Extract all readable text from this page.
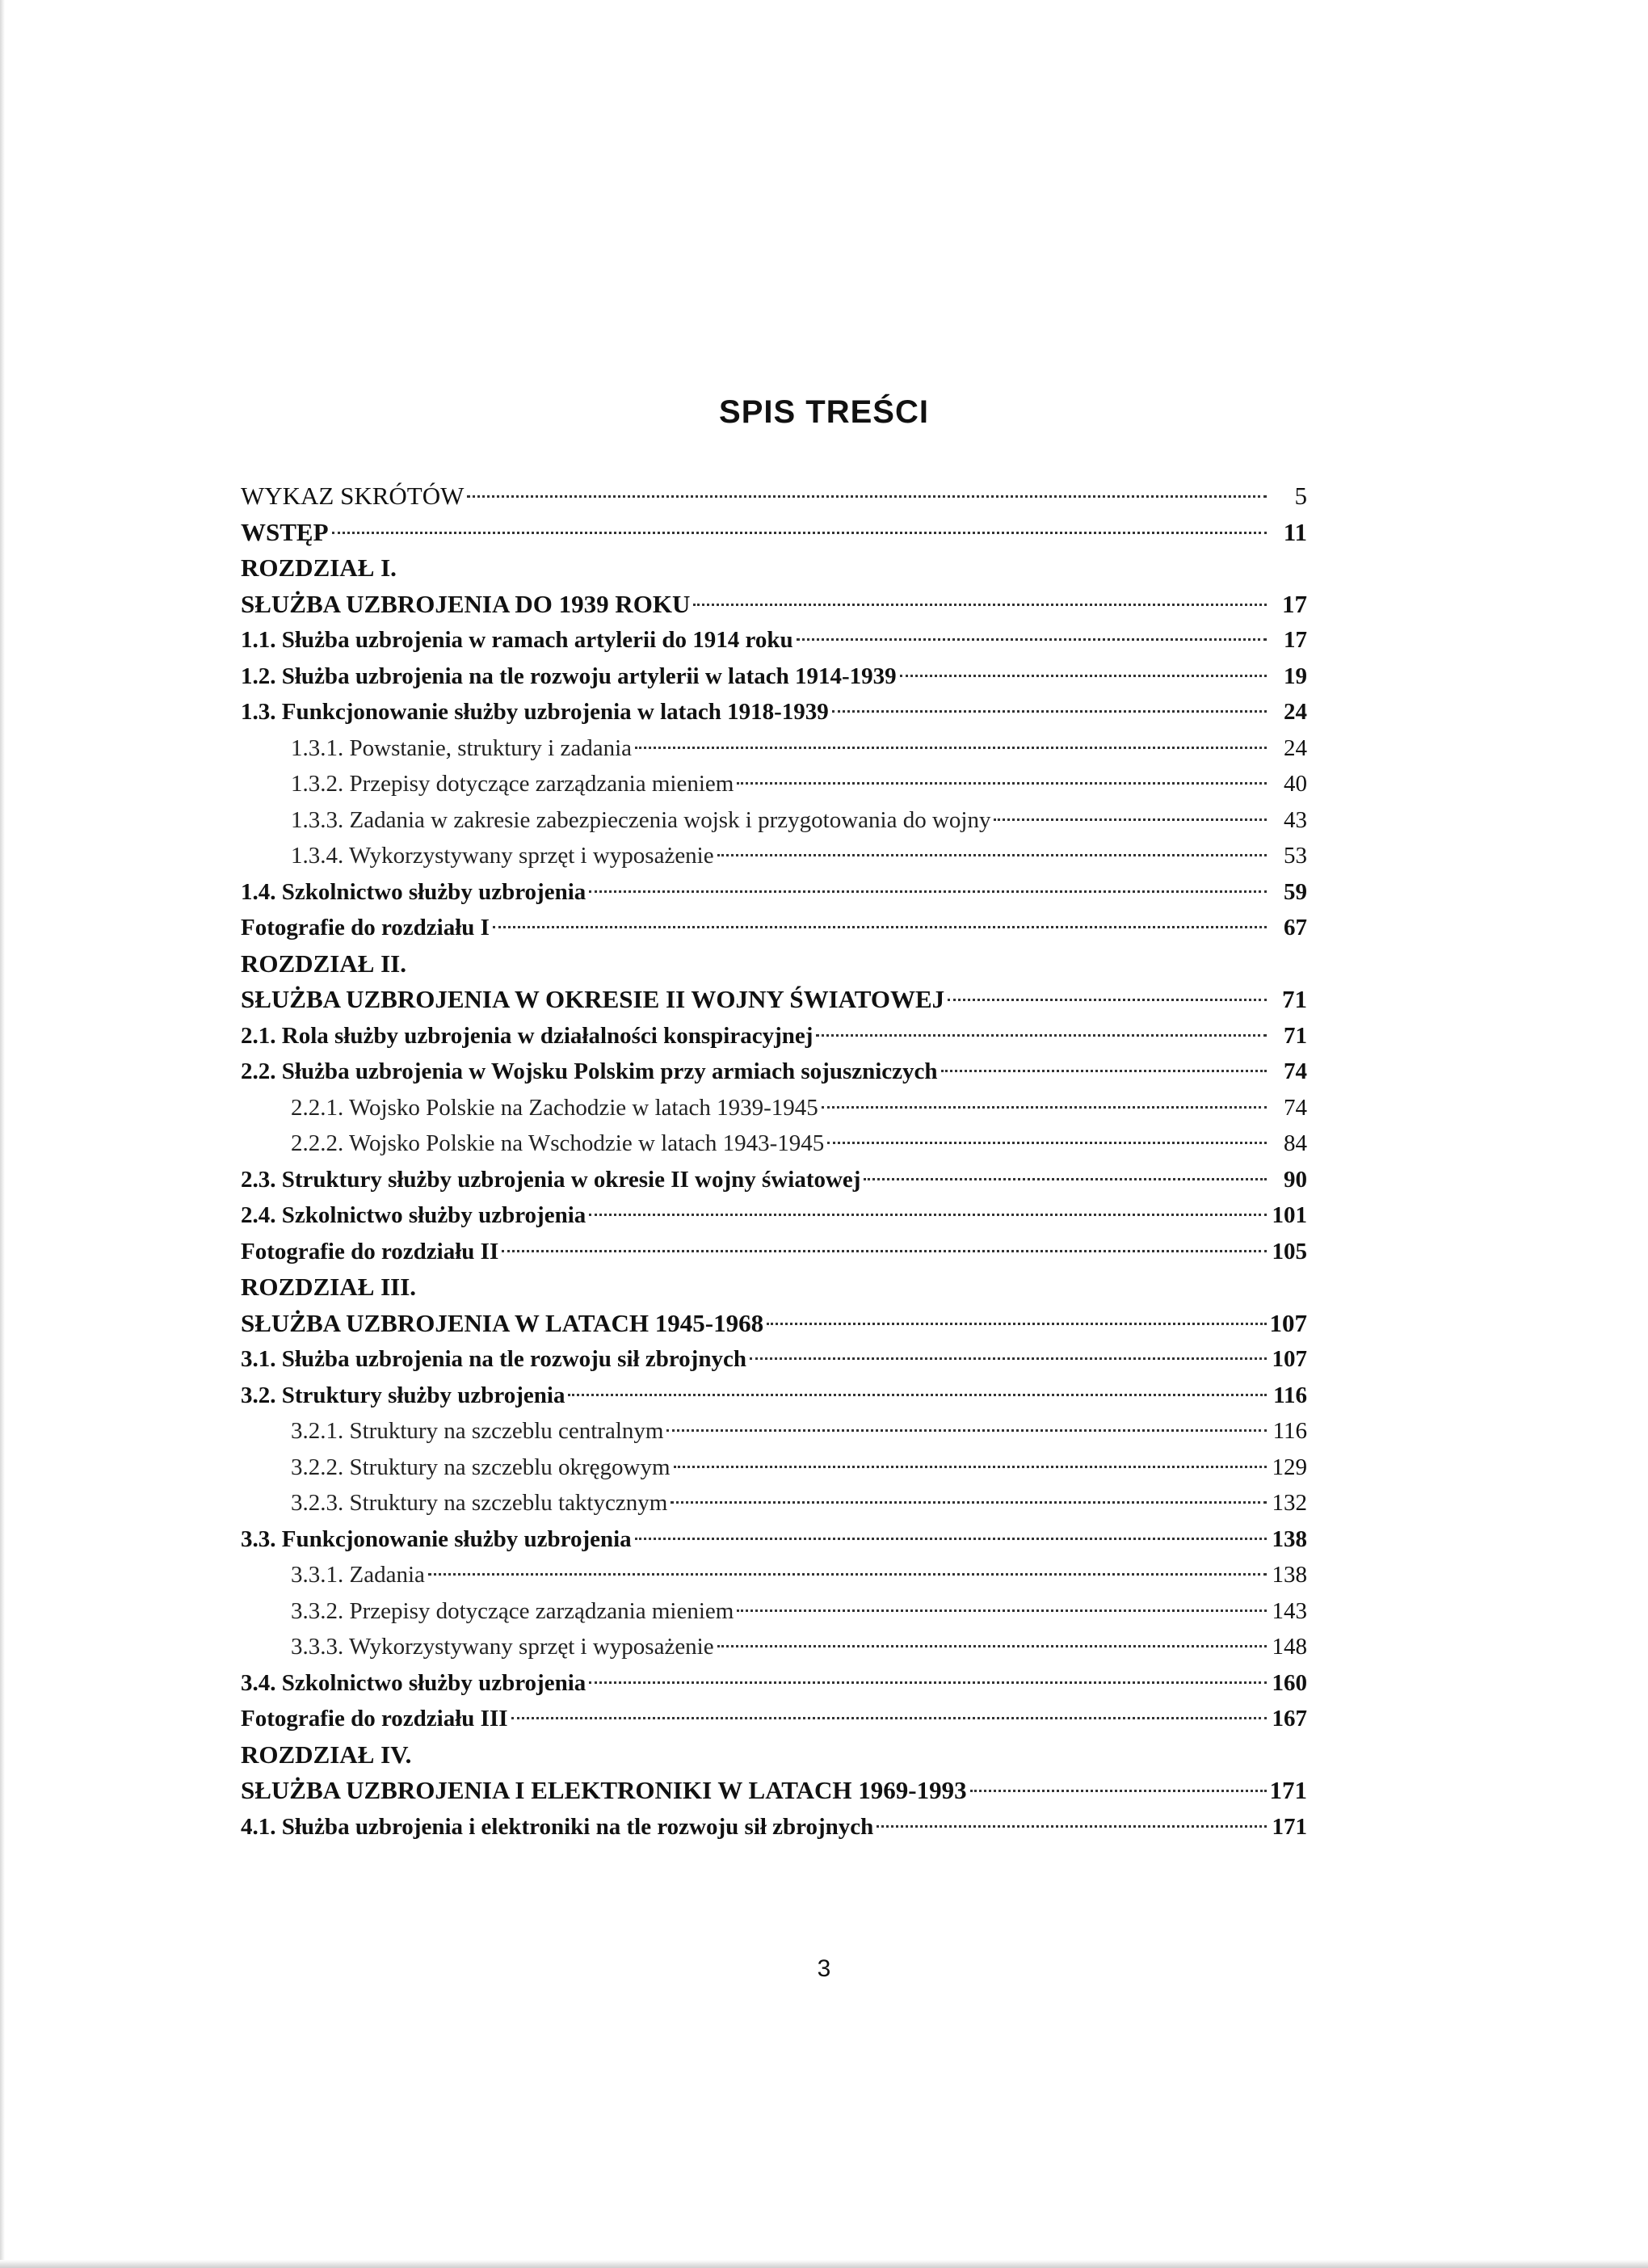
SPIS TREŚCI
WYKAZ SKRÓTÓW	5
WSTĘP	11
ROZDZIAŁ I.
SŁUŻBA UZBROJENIA DO 1939 ROKU	17
1.1. Służba uzbrojenia w ramach artylerii do 1914 roku	17
1.2. Służba uzbrojenia na tle rozwoju artylerii w latach 1914-1939	19
1.3. Funkcjonowanie służby uzbrojenia w latach 1918-1939	24
1.3.1. Powstanie, struktury i zadania	24
1.3.2. Przepisy dotyczące zarządzania mieniem	40
1.3.3. Zadania w zakresie zabezpieczenia wojsk i przygotowania do wojny	43
1.3.4. Wykorzystywany sprzęt i wyposażenie	53
1.4. Szkolnictwo służby uzbrojenia	59
Fotografie do rozdziału I	67
ROZDZIAŁ II.
SŁUŻBA UZBROJENIA W OKRESIE II WOJNY ŚWIATOWEJ	71
2.1. Rola służby uzbrojenia w działalności konspiracyjnej	71
2.2. Służba uzbrojenia w Wojsku Polskim przy armiach sojuszniczych	74
2.2.1. Wojsko Polskie na Zachodzie w latach 1939-1945	74
2.2.2. Wojsko Polskie na Wschodzie w latach 1943-1945	84
2.3. Struktury służby uzbrojenia w okresie II wojny światowej	90
2.4. Szkolnictwo służby uzbrojenia	101
Fotografie do rozdziału II	105
ROZDZIAŁ III.
SŁUŻBA UZBROJENIA W LATACH 1945-1968	107
3.1. Służba uzbrojenia na tle rozwoju sił zbrojnych	107
3.2. Struktury służby uzbrojenia	116
3.2.1. Struktury na szczeblu centralnym	116
3.2.2. Struktury na szczeblu okręgowym	129
3.2.3. Struktury na szczeblu taktycznym	132
3.3. Funkcjonowanie służby uzbrojenia	138
3.3.1. Zadania	138
3.3.2. Przepisy dotyczące zarządzania mieniem	143
3.3.3. Wykorzystywany sprzęt i wyposażenie	148
3.4. Szkolnictwo służby uzbrojenia	160
Fotografie do rozdziału III	167
ROZDZIAŁ IV.
SŁUŻBA UZBROJENIA I ELEKTRONIKI W LATACH 1969-1993	171
4.1. Służba uzbrojenia i elektroniki na tle rozwoju sił zbrojnych	171
3
